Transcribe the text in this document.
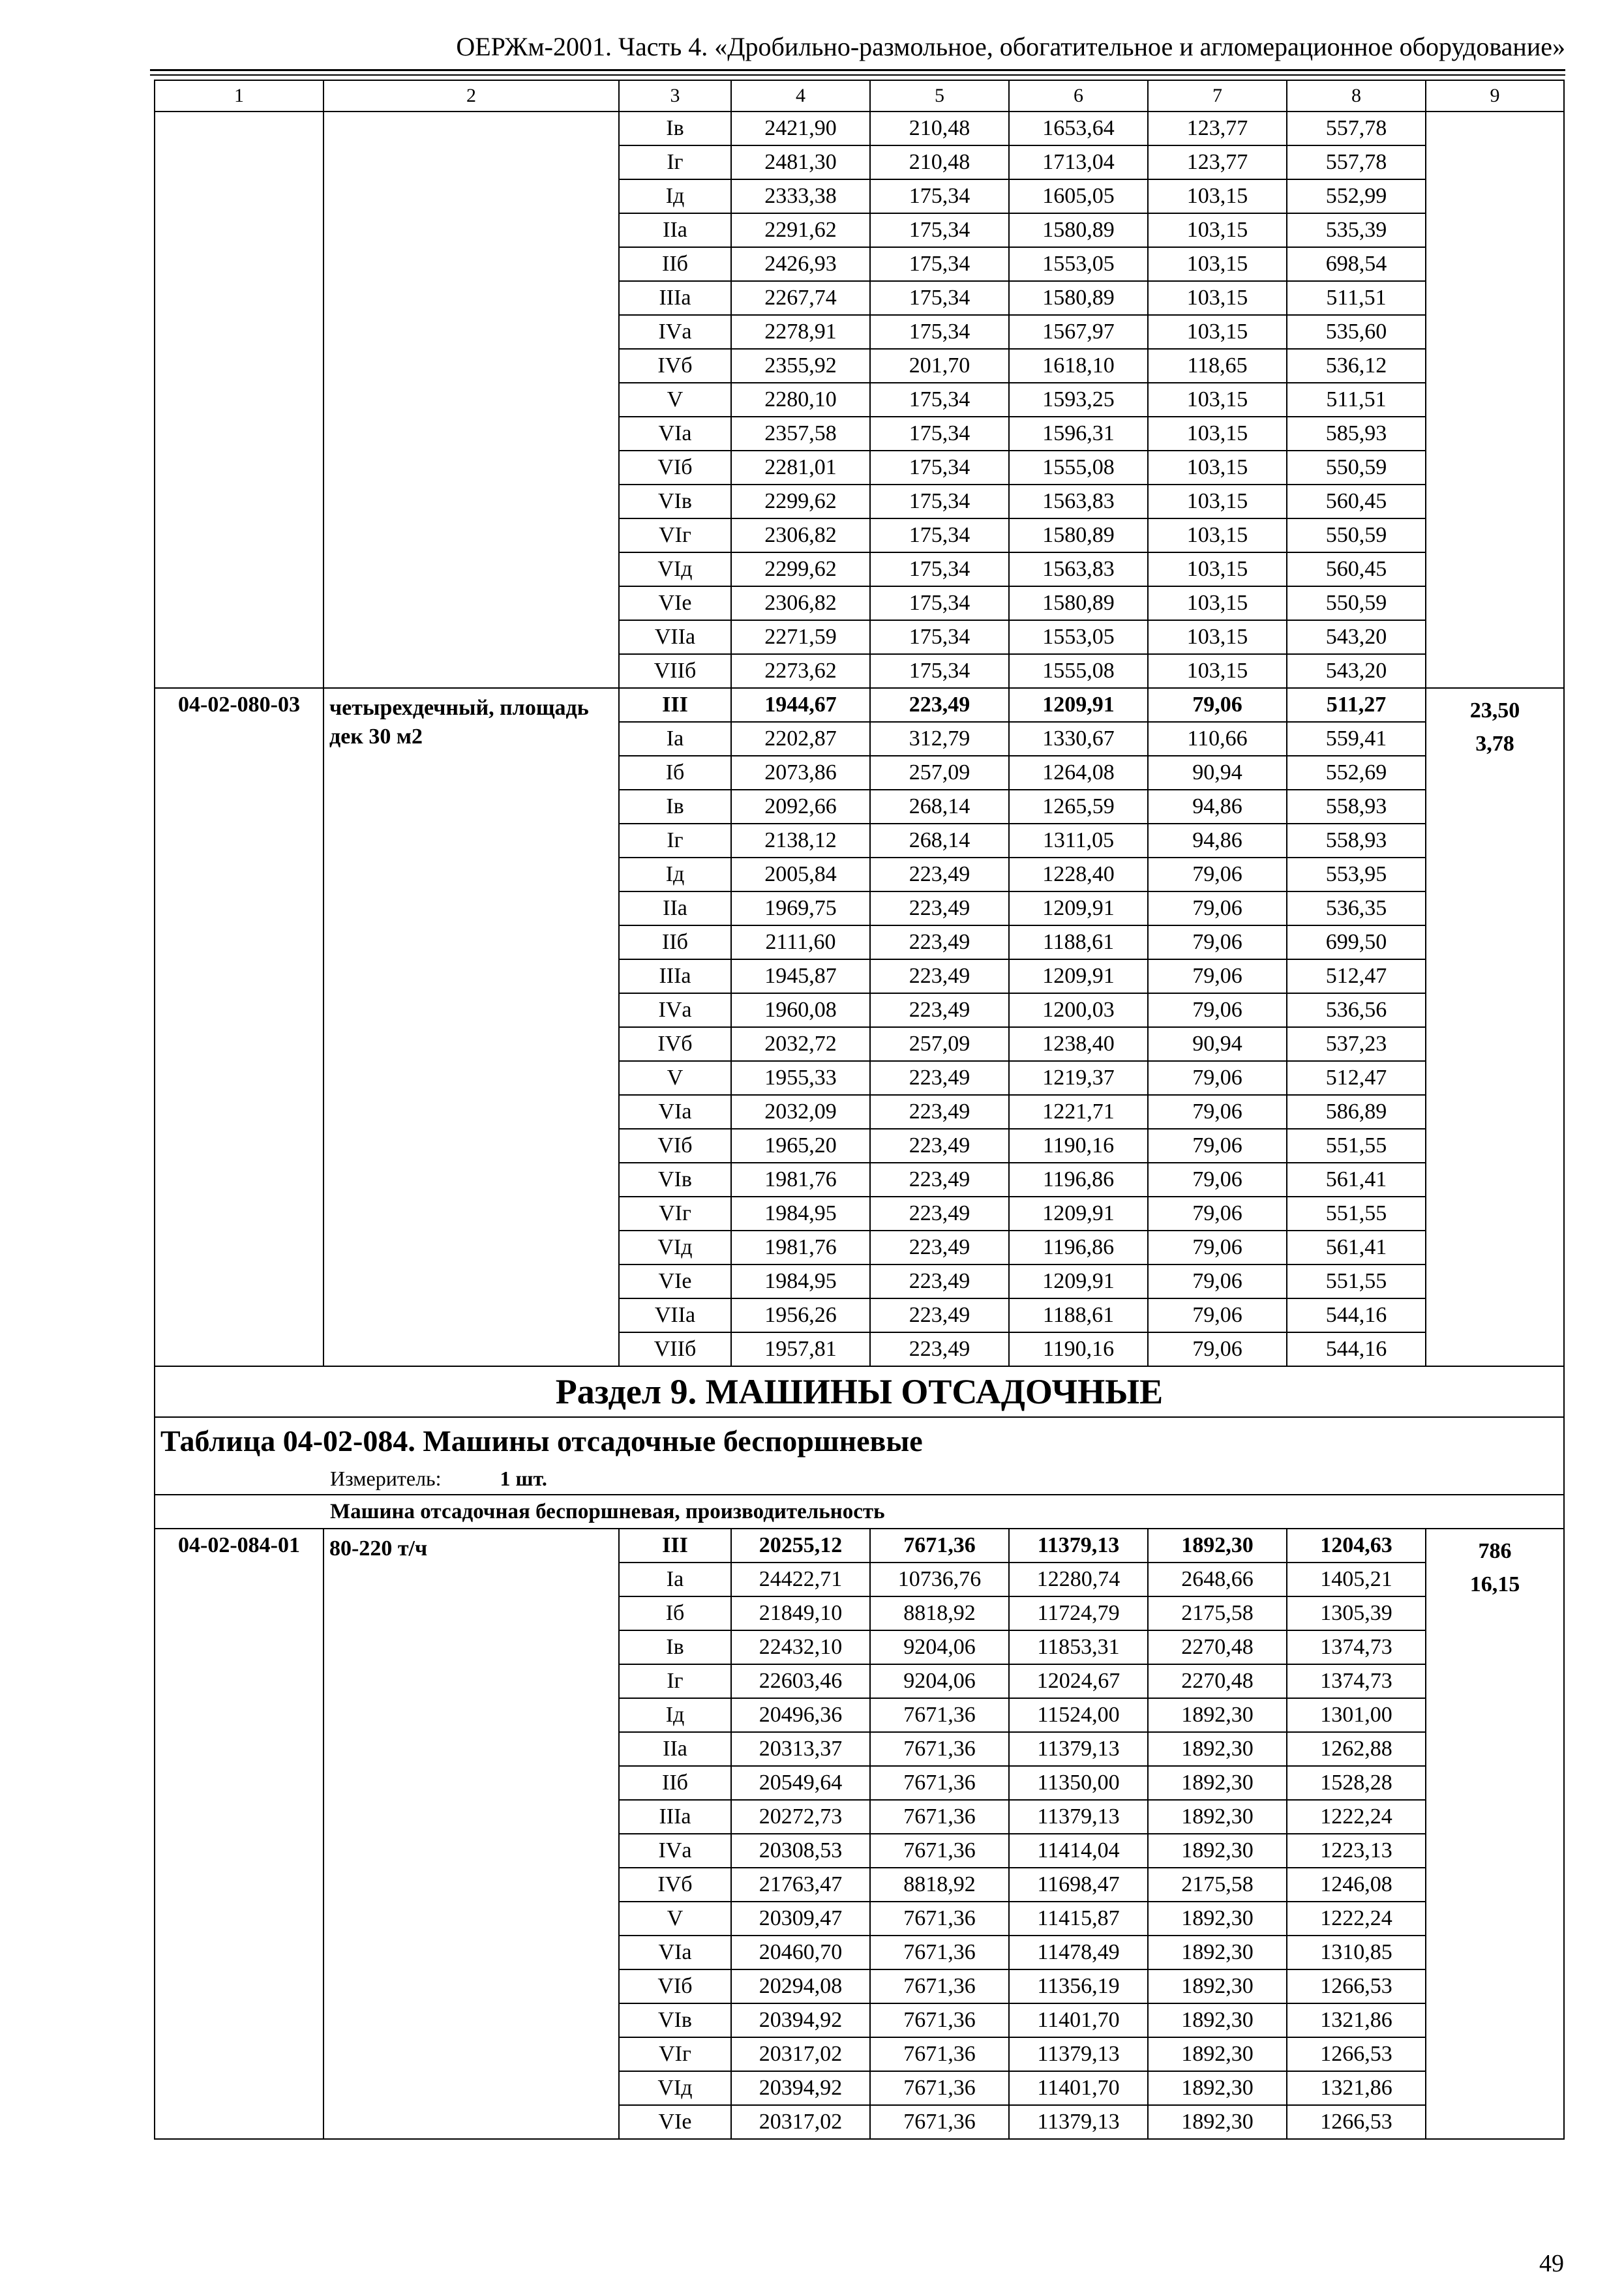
ОЕРЖм-2001. Часть 4. «Дробильно-размольное, обогатительное и агломерационное оборудование»
1	2	3	4	5	6	7	8	9
		Iв	2421,90	210,48	1653,64	123,77	557,78	
		Iг	2481,30	210,48	1713,04	123,77	557,78	
		Iд	2333,38	175,34	1605,05	103,15	552,99	
		IIа	2291,62	175,34	1580,89	103,15	535,39	
		IIб	2426,93	175,34	1553,05	103,15	698,54	
		IIIа	2267,74	175,34	1580,89	103,15	511,51	
		IVа	2278,91	175,34	1567,97	103,15	535,60	
		IVб	2355,92	201,70	1618,10	118,65	536,12	
		V	2280,10	175,34	1593,25	103,15	511,51	
		VIа	2357,58	175,34	1596,31	103,15	585,93	
		VIб	2281,01	175,34	1555,08	103,15	550,59	
		VIв	2299,62	175,34	1563,83	103,15	560,45	
		VIг	2306,82	175,34	1580,89	103,15	550,59	
		VIд	2299,62	175,34	1563,83	103,15	560,45	
		VIе	2306,82	175,34	1580,89	103,15	550,59	
		VIIа	2271,59	175,34	1553,05	103,15	543,20	
		VIIб	2273,62	175,34	1555,08	103,15	543,20	
04-02-080-03	четырехдечный, площадь дек 30 м2	III	1944,67	223,49	1209,91	79,06	511,27	23,50
3,78

		Iа	2202,87	312,79	1330,67	110,66	559,41	
		Iб	2073,86	257,09	1264,08	90,94	552,69	
		Iв	2092,66	268,14	1265,59	94,86	558,93	
		Iг	2138,12	268,14	1311,05	94,86	558,93	
		Iд	2005,84	223,49	1228,40	79,06	553,95	
		IIа	1969,75	223,49	1209,91	79,06	536,35	
		IIб	2111,60	223,49	1188,61	79,06	699,50	
		IIIа	1945,87	223,49	1209,91	79,06	512,47	
		IVа	1960,08	223,49	1200,03	79,06	536,56	
		IVб	2032,72	257,09	1238,40	90,94	537,23	
		V	1955,33	223,49	1219,37	79,06	512,47	
		VIа	2032,09	223,49	1221,71	79,06	586,89	
		VIб	1965,20	223,49	1190,16	79,06	551,55	
		VIв	1981,76	223,49	1196,86	79,06	561,41	
		VIг	1984,95	223,49	1209,91	79,06	551,55	
		VIд	1981,76	223,49	1196,86	79,06	561,41	
		VIе	1984,95	223,49	1209,91	79,06	551,55	
		VIIа	1956,26	223,49	1188,61	79,06	544,16	
		VIIб	1957,81	223,49	1190,16	79,06	544,16	
Раздел 9. МАШИНЫ ОТСАДОЧНЫЕ								

Таблица 04-02-084. Машины отсадочные беспоршневые
Измеритель: 1 шт.								

Машина отсадочная беспоршневая, производительность								
04-02-084-01	80-220 т/ч	III	20255,12	7671,36	11379,13	1892,30	1204,63	786
16,15

		Iа	24422,71	10736,76	12280,74	2648,66	1405,21	
		Iб	21849,10	8818,92	11724,79	2175,58	1305,39	
		Iв	22432,10	9204,06	11853,31	2270,48	1374,73	
		Iг	22603,46	9204,06	12024,67	2270,48	1374,73	
		Iд	20496,36	7671,36	11524,00	1892,30	1301,00	
		IIа	20313,37	7671,36	11379,13	1892,30	1262,88	
		IIб	20549,64	7671,36	11350,00	1892,30	1528,28	
		IIIа	20272,73	7671,36	11379,13	1892,30	1222,24	
		IVа	20308,53	7671,36	11414,04	1892,30	1223,13	
		IVб	21763,47	8818,92	11698,47	2175,58	1246,08	
		V	20309,47	7671,36	11415,87	1892,30	1222,24	
		VIа	20460,70	7671,36	11478,49	1892,30	1310,85	
		VIб	20294,08	7671,36	11356,19	1892,30	1266,53	
		VIв	20394,92	7671,36	11401,70	1892,30	1321,86	
		VIг	20317,02	7671,36	11379,13	1892,30	1266,53	
		VIд	20394,92	7671,36	11401,70	1892,30	1321,86	
		VIе	20317,02	7671,36	11379,13	1892,30	1266,53	
49
